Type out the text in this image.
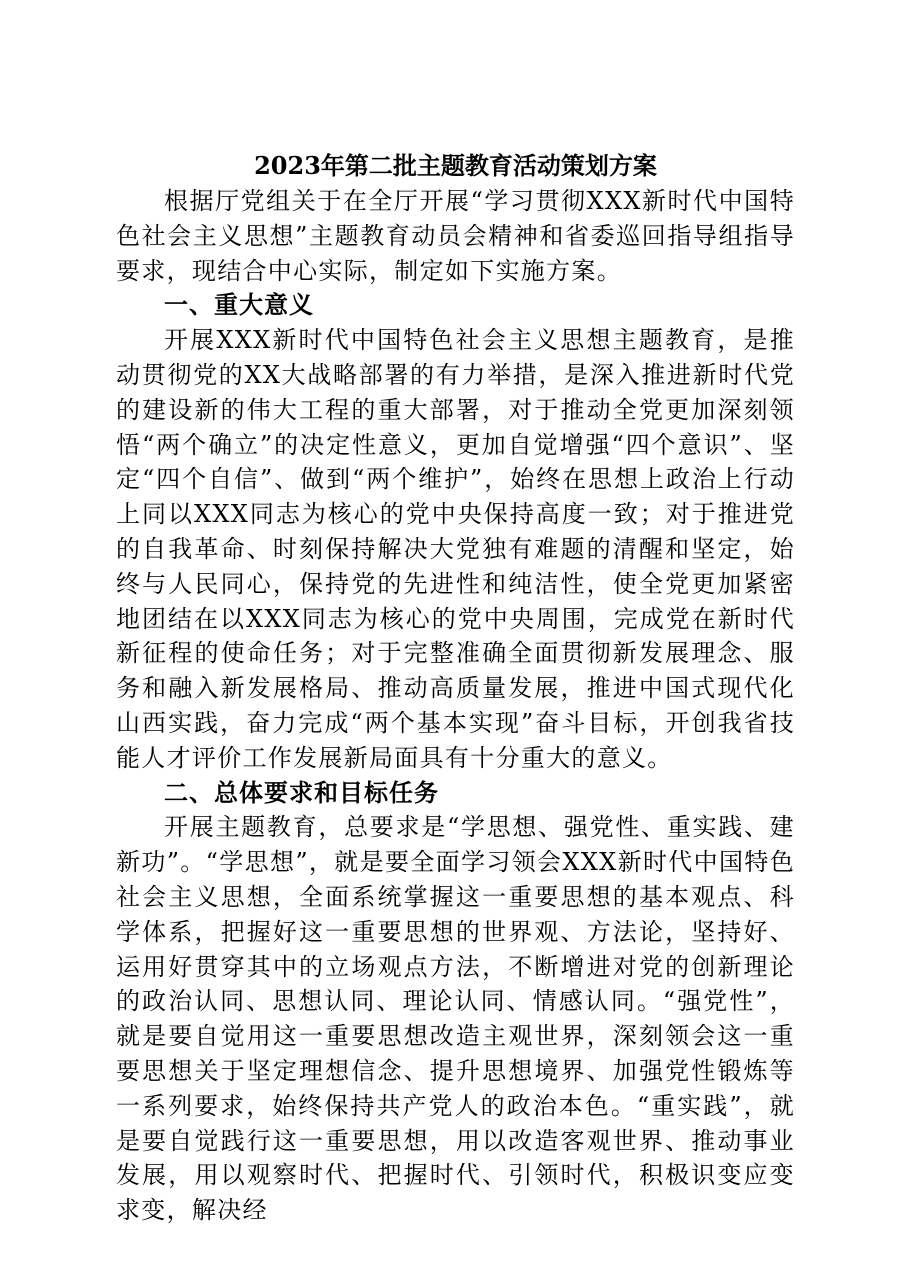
2023年第二批主题教育活动策划方案

根据厅党组关于在全厅开展“学习贯彻XXX新时代中国特色社会主义思想”主题教育动员会精神和省委巡回指导组指导要求，现结合中心实际，制定如下实施方案。

一、重大意义

开展XXX新时代中国特色社会主义思想主题教育，是推动贯彻党的XX大战略部署的有力举措，是深入推进新时代党的建设新的伟大工程的重大部署，对于推动全党更加深刻领悟“两个确立”的决定性意义，更加自觉增强“四个意识”、坚定“四个自信”、做到“两个维护”，始终在思想上政治上行动上同以XXX同志为核心的党中央保持高度一致；对于推进党的自我革命、时刻保持解决大党独有难题的清醒和坚定，始终与人民同心，保持党的先进性和纯洁性，使全党更加紧密地团结在以XXX同志为核心的党中央周围，完成党在新时代新征程的使命任务；对于完整准确全面贯彻新发展理念、服务和融入新发展格局、推动高质量发展，推进中国式现代化山西实践，奋力完成“两个基本实现”奋斗目标，开创我省技能人才评价工作发展新局面具有十分重大的意义。

二、总体要求和目标任务

开展主题教育，总要求是“学思想、强党性、重实践、建新功”。“学思想”，就是要全面学习领会XXX新时代中国特色社会主义思想，全面系统掌握这一重要思想的基本观点、科学体系，把握好这一重要思想的世界观、方法论，坚持好、运用好贯穿其中的立场观点方法，不断增进对党的创新理论的政治认同、思想认同、理论认同、情感认同。“强党性”，就是要自觉用这一重要思想改造主观世界，深刻领会这一重要思想关于坚定理想信念、提升思想境界、加强党性锻炼等一系列要求，始终保持共产党人的政治本色。“重实践”，就是要自觉践行这一重要思想，用以改造客观世界、推动事业发展，用以观察时代、把握时代、引领时代，积极识变应变求变，解决经
